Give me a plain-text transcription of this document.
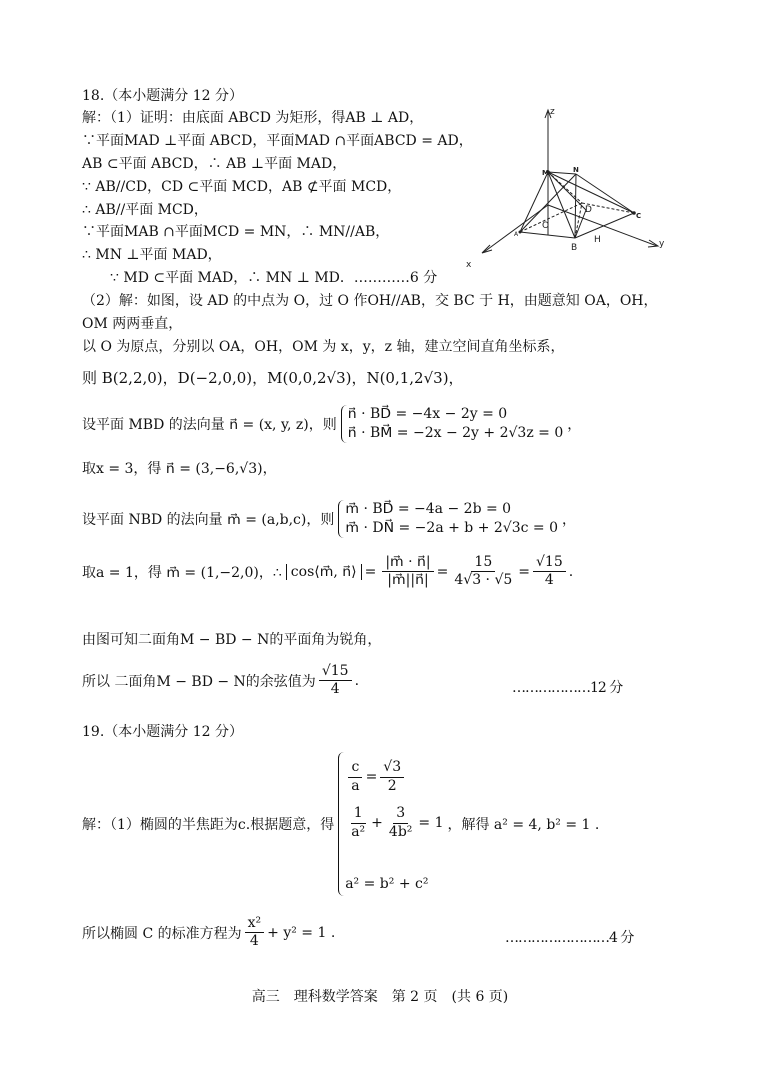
18.（本小题满分 12 分）
解：（1）证明：由底面 ABCD 为矩形，得AB ⊥ AD，
∵平面MAD ⊥平面 ABCD，平面MAD ∩平面ABCD = AD，
AB ⊂平面 ABCD，∴ AB ⊥平面 MAD，
∵ AB//CD，CD ⊂平面 MCD，AB ⊄平面 MCD，
∴ AB//平面 MCD，
∵平面MAB ∩平面MCD = MN，∴ MN//AB，
∴ MN ⊥平面 MAD，
∵ MD ⊂平面 MAD，∴ MN ⊥ MD．…………6 分
z
x
y
M	N
D
O
C
A
B
H
（2）解：如图，设 AD 的中点为 O，过 O 作OH//AB，交 BC 于 H，由题意知 OA，OH，
OM 两两垂直，
以 O 为原点，分别以 OA，OH，OM 为 x，y，z 轴，建立空间直角坐标系，
则 B(2,2,0)，D(−2,0,0)，M(0,0,2√3)，N(0,1,2√3)，
设平面 MBD 的法向量 n⃗ = (x, y, z)，则
n⃗ · BD⃗ = −4x − 2y = 0
n⃗ · BM⃗ = −2x − 2y + 2√3z = 0 ，
取x = 3，得 n⃗ = (3,−6,√3)，
设平面 NBD 的法向量 m⃗ = (a,b,c)，则
m⃗ · BD⃗ = −4a − 2b = 0
m⃗ · DN⃗ = −2a + b + 2√3c = 0 ，
取a = 1，得 m⃗ = (1,−2,0)，∴ cos⟨m⃗, n⃗⟩ = $\frac{|m⃗ \cdot n⃗|}{|m⃗||n⃗|} = \frac{15}{4√3 \cdot √5} = \frac{√15}{4}$ .
由图可知二面角M − BD − N的平面角为锐角，
所以 二面角M − BD − N的余弦值为 $\frac{√15}{4}$ .	………………12 分
19.（本小题满分 12 分）
解：（1）椭圆的半焦距为c.根据题意，得
$\frac{c}{a} = \frac{√3}{2}$
$\frac{1}{\text{a²}} + \frac{3}{\text{4b²}} = 1$
a² = b² + c²
，解得 a² = 4, b² = 1 .
所以椭圆 C 的标准方程为 $\frac{\text{x²}}{4} + y^2 = 1$ .	……………………4 分
高三　理科数学答案　第 2 页　(共 6 页)
